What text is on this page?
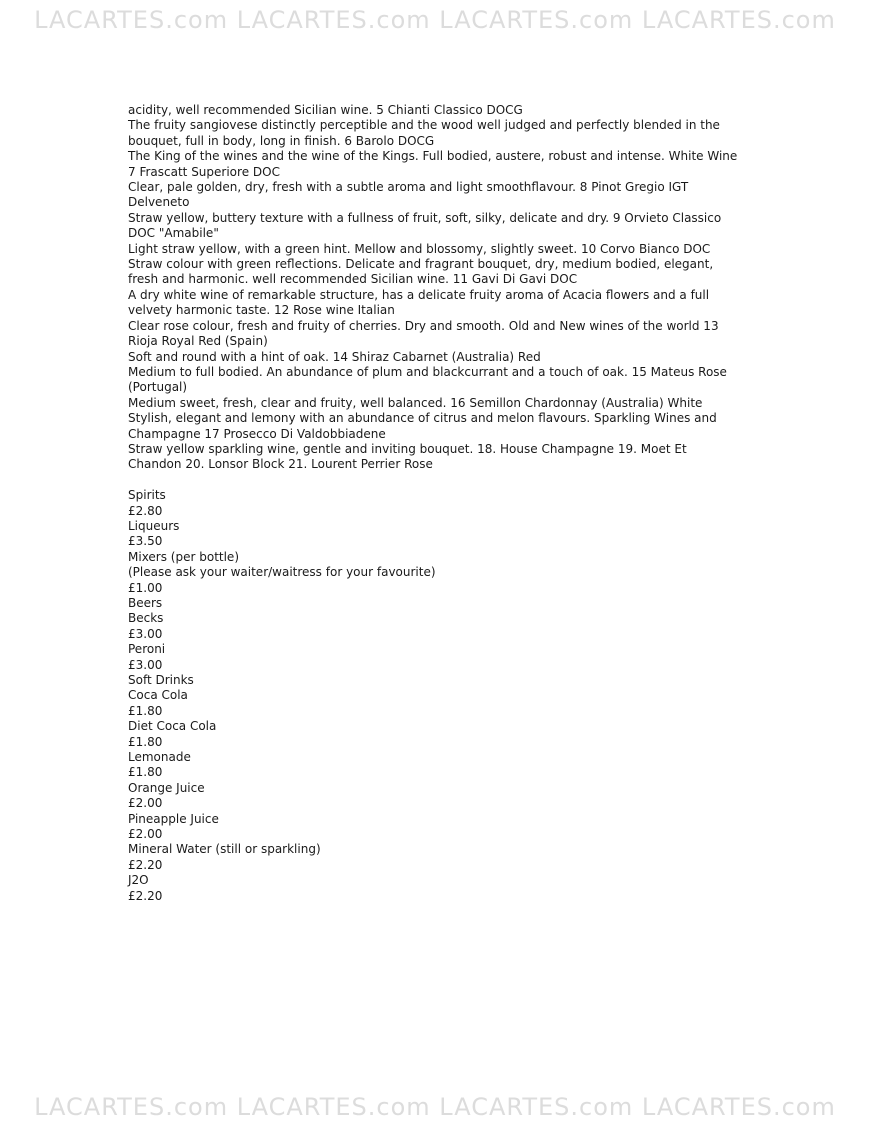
LACARTES.com LACARTES.com LACARTES.com LACARTES.com

acidity, well recommended Sicilian wine. 5 Chianti Classico DOCG

The fruity sangiovese distinctly perceptible and the wood well judged and perfectly blended in the bouquet, full in body, long in finish. 6 Barolo DOCG

The King of the wines and the wine of the Kings. Full bodied, austere, robust and intense. White Wine 7 Frascatt Superiore DOC

Clear, pale golden, dry, fresh with a subtle aroma and light smoothflavour. 8 Pinot Gregio IGT Delveneto

Straw yellow, buttery texture with a fullness of fruit, soft, silky, delicate and dry. 9 Orvieto Classico DOC "Amabile"

Light straw yellow, with a green hint. Mellow and blossomy, slightly sweet. 10 Corvo Bianco DOC

Straw colour with green reflections. Delicate and fragrant bouquet, dry, medium bodied, elegant, fresh and harmonic. well recommended Sicilian wine. 11 Gavi Di Gavi DOC

A dry white wine of remarkable structure, has a delicate fruity aroma of Acacia flowers and a full velvety harmonic taste. 12 Rose wine Italian

Clear rose colour, fresh and fruity of cherries. Dry and smooth. Old and New wines of the world 13 Rioja Royal Red (Spain)

Soft and round with a hint of oak. 14 Shiraz Cabarnet (Australia) Red

Medium to full bodied. An abundance of plum and blackcurrant and a touch of oak. 15 Mateus Rose (Portugal)

Medium sweet, fresh, clear and fruity, well balanced. 16 Semillon Chardonnay (Australia) White

Stylish, elegant and lemony with an abundance of citrus and melon flavours. Sparkling Wines and Champagne 17 Prosecco Di Valdobbiadene

Straw yellow sparkling wine, gentle and inviting bouquet. 18. House Champagne 19. Moet Et Chandon 20. Lonsor Block 21. Lourent Perrier Rose

Spirits
£2.80
Liqueurs
£3.50
Mixers (per bottle)
(Please ask your waiter/waitress for your favourite)
£1.00
Beers
Becks
£3.00
Peroni
£3.00
Soft Drinks
Coca Cola
£1.80
Diet Coca Cola
£1.80
Lemonade
£1.80
Orange Juice
£2.00
Pineapple Juice
£2.00
Mineral Water (still or sparkling)
£2.20
J2O
£2.20
LACARTES.com LACARTES.com LACARTES.com LACARTES.com
